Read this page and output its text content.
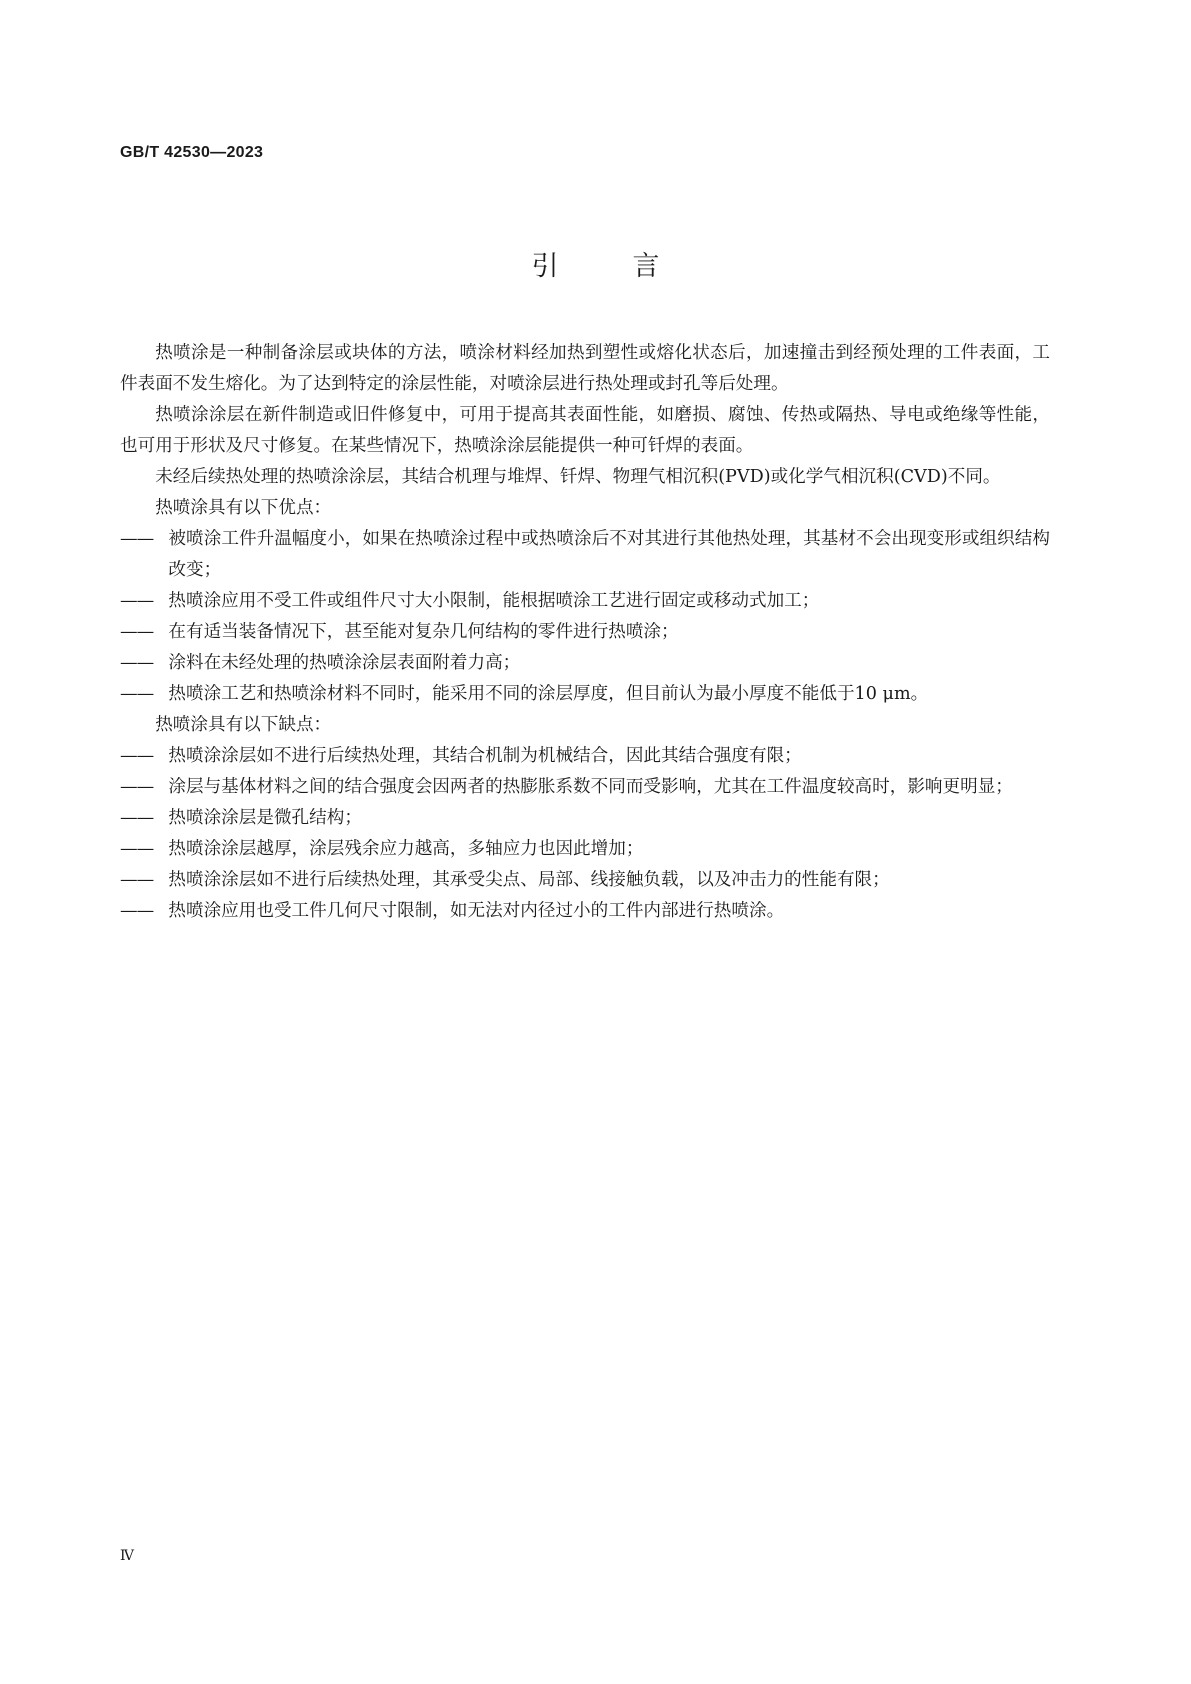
GB/T 42530—2023
引言

热喷涂是一种制备涂层或块体的方法，喷涂材料经加热到塑性或熔化状态后，加速撞击到经预处理的工件表面，工件表面不发生熔化。为了达到特定的涂层性能，对喷涂层进行热处理或封孔等后处理。

热喷涂涂层在新件制造或旧件修复中，可用于提高其表面性能，如磨损、腐蚀、传热或隔热、导电或绝缘等性能，也可用于形状及尺寸修复。在某些情况下，热喷涂涂层能提供一种可钎焊的表面。

未经后续热处理的热喷涂涂层，其结合机理与堆焊、钎焊、物理气相沉积(PVD)或化学气相沉积(CVD)不同。

热喷涂具有以下优点：

—— 被喷涂工件升温幅度小，如果在热喷涂过程中或热喷涂后不对其进行其他热处理，其基材不会出现变形或组织结构改变；
—— 热喷涂应用不受工件或组件尺寸大小限制，能根据喷涂工艺进行固定或移动式加工；
—— 在有适当装备情况下，甚至能对复杂几何结构的零件进行热喷涂；
—— 涂料在未经处理的热喷涂涂层表面附着力高；
—— 热喷涂工艺和热喷涂材料不同时，能采用不同的涂层厚度，但目前认为最小厚度不能低于10 μm。

热喷涂具有以下缺点：

—— 热喷涂涂层如不进行后续热处理，其结合机制为机械结合，因此其结合强度有限；
—— 涂层与基体材料之间的结合强度会因两者的热膨胀系数不同而受影响，尤其在工件温度较高时，影响更明显；
—— 热喷涂涂层是微孔结构；
—— 热喷涂涂层越厚，涂层残余应力越高，多轴应力也因此增加；
—— 热喷涂涂层如不进行后续热处理，其承受尖点、局部、线接触负载，以及冲击力的性能有限；
—— 热喷涂应用也受工件几何尺寸限制，如无法对内径过小的工件内部进行热喷涂。
Ⅳ
